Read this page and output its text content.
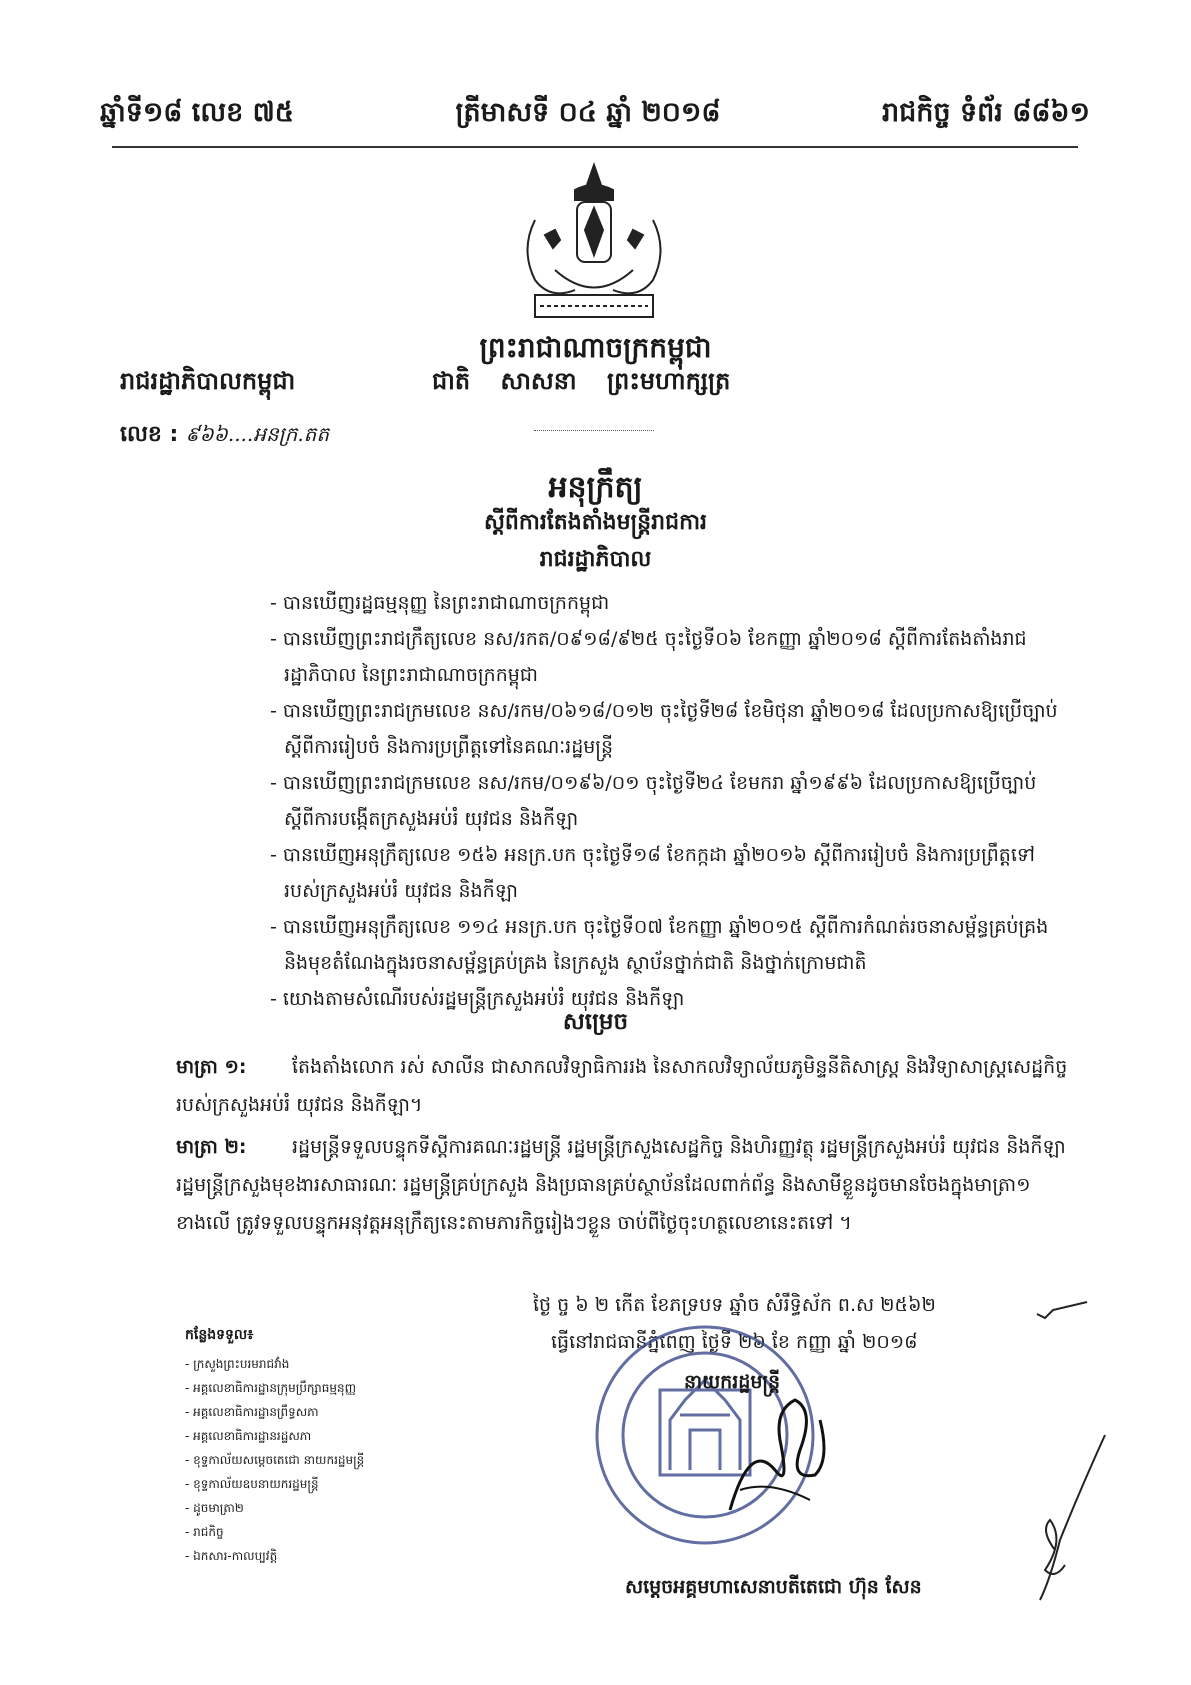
ឆ្នាំទី១៨ លេខ ៧៥	ត្រីមាសទី ០៤ ឆ្នាំ ២០១៨	រាជកិច្ច ទំព័រ ៨៨៦១
ព្រះរាជាណាចក្រកម្ពុជា
រាជរដ្ឋាភិបាលកម្ពុជា	ជាតិ សាសនា ព្រះមហាក្សត្រ
លេខ : ៩៦៦....អនក្រ.តត
អនុក្រឹត្យ
ស្តីពីការតែងតាំងមន្ត្រីរាជការ
រាជរដ្ឋាភិបាល
- បានឃើញរដ្ឋធម្មនុញ្ញ នៃព្រះរាជាណាចក្រកម្ពុជា
- បានឃើញព្រះរាជក្រឹត្យលេខ នស/រកត/០៩១៨/៩២៥ ចុះថ្ងៃទី០៦ ខែកញ្ញា ឆ្នាំ២០១៨ ស្តីពីការតែងតាំងរាជរដ្ឋាភិបាល នៃព្រះរាជាណាចក្រកម្ពុជា
- បានឃើញព្រះរាជក្រមលេខ នស/រកម/០៦១៨/០១២ ចុះថ្ងៃទី២៨ ខែមិថុនា ឆ្នាំ២០១៨ ដែលប្រកាសឱ្យប្រើច្បាប់ ស្តីពីការរៀបចំ និងការប្រព្រឹត្តទៅនៃគណៈរដ្ឋមន្ត្រី
- បានឃើញព្រះរាជក្រមលេខ នស/រកម/០១៩៦/០១ ចុះថ្ងៃទី២៤ ខែមករា ឆ្នាំ១៩៩៦ ដែលប្រកាសឱ្យប្រើច្បាប់ ស្តីពីការបង្កើតក្រសួងអប់រំ យុវជន និងកីឡា
- បានឃើញអនុក្រឹត្យលេខ ១៥៦ អនក្រ.បក ចុះថ្ងៃទី១៨ ខែកក្កដា ឆ្នាំ២០១៦ ស្តីពីការរៀបចំ និងការប្រព្រឹត្តទៅរបស់ក្រសួងអប់រំ យុវជន និងកីឡា
- បានឃើញអនុក្រឹត្យលេខ ១១៤ អនក្រ.បក ចុះថ្ងៃទី០៧ ខែកញ្ញា ឆ្នាំ២០១៥ ស្តីពីការកំណត់រចនាសម្ព័ន្ធគ្រប់គ្រង និងមុខតំណែងក្នុងរចនាសម្ព័ន្ធគ្រប់គ្រង នៃក្រសួង ស្ថាប័នថ្នាក់ជាតិ និងថ្នាក់ក្រោមជាតិ
- យោងតាមសំណើរបស់រដ្ឋមន្ត្រីក្រសួងអប់រំ យុវជន និងកីឡា
សម្រេច
មាត្រា ១: តែងតាំងលោក រស់ សាលីន ជាសាកលវិទ្យាធិការរង នៃសាកលវិទ្យាល័យភូមិន្ទនីតិសាស្ត្រ និងវិទ្យាសាស្ត្រសេដ្ឋកិច្ច របស់ក្រសួងអប់រំ យុវជន និងកីឡា។
មាត្រា ២: រដ្ឋមន្ត្រីទទួលបន្ទុកទីស្តីការគណៈរដ្ឋមន្ត្រី រដ្ឋមន្ត្រីក្រសួងសេដ្ឋកិច្ច និងហិរញ្ញវត្ថុ រដ្ឋមន្ត្រីក្រសួងអប់រំ យុវជន និងកីឡា រដ្ឋមន្ត្រីក្រសួងមុខងារសាធារណៈ រដ្ឋមន្ត្រីគ្រប់ក្រសួង និងប្រធានគ្រប់ស្ថាប័នដែលពាក់ព័ន្ធ និងសាមីខ្លួនដូចមានចែងក្នុងមាត្រា១ ខាងលើ ត្រូវទទួលបន្ទុកអនុវត្តអនុក្រឹត្យនេះតាមភារកិច្ចរៀងៗខ្លួន ចាប់ពីថ្ងៃចុះហត្ថលេខានេះតទៅ ។
ថ្ងៃ ច្ច ៦ ២ កើត ខែភទ្របទ ឆ្នាំច សំរឹទ្ធិស័ក ព.ស ២៥៦២
ធ្វើនៅរាជធានីភ្នំពេញ ថ្ងៃទី ២៦ ខែ កញ្ញា ឆ្នាំ ២០១៨
នាយករដ្ឋមន្ត្រី
សម្តេចអគ្គមហាសេនាបតីតេជោ ហ៊ុន សែន
កន្លែងទទួល៖
- ក្រសួងព្រះបរមរាជវាំង
- អគ្គលេខាធិការដ្ឋានក្រុមប្រឹក្សាធម្មនុញ្ញ
- អគ្គលេខាធិការដ្ឋានព្រឹទ្ធសភា
- អគ្គលេខាធិការដ្ឋានរដ្ឋសភា
- ខុទ្ទកាល័យសម្តេចតេជោ នាយករដ្ឋមន្ត្រី
- ខុទ្ទកាល័យឧបនាយករដ្ឋមន្ត្រី
- ដូចមាត្រា២
- រាជកិច្ច
- ឯកសារ-កាលប្បវត្តិ
